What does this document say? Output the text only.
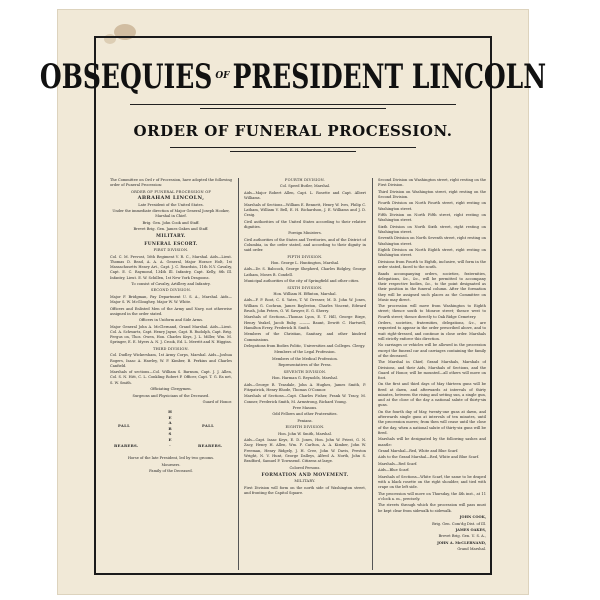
OBSEQUIES OF PRESIDENT LINCOLN
ORDER OF FUNERAL PROCESSION.

The Committee on Ord r of Procession, have adopted the following order of Funeral Procession:

ORDER OF FUNERAL PROCESSION OF

ABRAHAM LINCOLN,

Late President of the United States.

Under the immediate direction of Major General Joseph Hooker, Marshal in Chief.

Brig. Gen. John Cook and Staff.

Brevet Brig. Gen. James Oakes and Staff.

MILITARY.

FUNERAL ESCORT.

FIRST DIVISION.

Col. C. M. Prevost, 16th Regiment V. R. C., Marshal. Aids—Lieut. Thomas D. Bead, A. A. A. General, Major Horace Holt, 1st Massachusetts Heavy Art., Capt. J. C. Reardsin, 11th N.Y. Cavalry, Capt. E. C. Raymond, 134th Ill. Infantry, Capt. Kelly, 8th Ill. Infantry, Lieut. E. W. Schillen, 1st New York Dragoons.

To consist of Cavalry, Artillery and Infantry.

SECOND DIVISION.

Major F. Bridgman, Pay Department U. S. A., Marshal. Aids—Major S. W. McGloughey, Major W. W. White.

Officers and Enlisted Men of the Army and Navy, not otherwise assigned in the order stated.

Officers in Uniform and Side Arms.

Major General John A. McClernand, Grand Marshal. Aids—Lieut. Col. A. Schwartz, Capt. Henry Jayne, Capt. R. Rudolph, Capt. Brig. Fergus on, Thos. Owen, Hon. Charles Keys, J. L. Miller, Wm. M. Springer, E. E. Myers A. N. J. Crook, Ed. L. Merritt and N. Higgins.

THIRD DIVISION.

Col. Dudley Wickersham, 1st Army Corps, Marshal. Aids—Joshua Rogers, Isaac A. Hawley, W. F. Kimber, B. Perkins and Charles Canfield.

Marshals of sections—Col. William S. Barnum, Capt. J. J. Allen, Col. S. N. Hitt, C. L. Conkling Robert P. Officer, Capt. T. G. Ea net, S. W. Smith.

Officiating Clergymen.

Surgeons and Physicians of the Deceased.

Guard of Honor.

PALL
BEARERS.
PALL
BEARERS.
H
E
A
R
S
E
.

Horse of the late President, led by two grooms.

Mourners.

Family of the Deceased.

FOURTH DIVISION.

Col. Speed Butler, Marshal.

Aids—Major Robert Allen, Capt. L. Rosette and Capt. Albert Williams.

Marshals of Sections—William E. Bennett, Henry W. Ives, Philip C. Latham, William V. Bell, E. H. Richardson, J. E. Williams and J. D. Craig.

Civil authorities of the United States according to their relative dignities.

Foreign Ministers.

Civil authorities of the States and Territories, and of the District of Columbia, in the order stated, and according to their dignity in said order.

FIFTH DIVISION.

Hon. George L. Huntington, Marshal.

Aids—Dr. S. Babcock, George Shepherd, Charles Ridgley, George Latham, Moses B. Condell.

Municipal authorities of the city of Springfield and other cities.

SIXTH DIVISION.

Hon. William H. Effinton, Marshal.

Aids—F. P. Root, C. S. Yates, T. W. Dresser, M. D. John W. Jones, William G. Cochran, James Bayleston, Charles Vincent, Edward Brush, John Peters, O. W. Sawyer, E. G. Sherry.

Marshals of Sections—Thomas Lyon, E. T. Hill, George Birge, Henry Yeakel, Jacob Ruby, ——— Baunt, Dewitt C. Hartwell, Hamilton Every, Frederick B. Smith.

Members of the Christian, Sanitary, and other kindred Commissions.

Delegations from Bodies Politic, Universities and Colleges. Clergy.

Members of the Legal Profession.

Members of the Medical Profession.

Representatives of the Press.

SEVENTH DIVISION.

Hon. Harman G. Reynolds, Marshal.

Aids—George R. Teasdale, John A. Hughes, James Smith, P. Fitzpatrick, Henry Rhode, Thomas O'Connor.

Marshals of Sections—Capt. Charles Fisher, Frank W. Tracy, M. Conner, Frederick Smith, M. Armstrong, Richard Young.

Free Masons.

Odd Fellows and other Fraternities.

Fenians.

EIGHTH DIVISION.

Hon. John W. Smith, Marshal.

Aids—Capt. Isaac Keys, E. D. Jones, Hon. John W. Priest, G. N. Zacy, Henry H. Allen, Wm. F. Carlton, A. A. Kimber, John W. Freeman, Henry Ridgely, J. H. Cree, John W. Davis, Preston Wright, N. V. Hunt, George Dalleys, Alfred A. North, John S. Bradford, Samuel P. Townsend. Citizens at large.

Colored Persons.

FORMATION AND MOVEMENT.

MILITARY.

First Division will form on the north side of Washington street, and fronting the Capitol Square.

Second Division on Washington street, right resting on the First Division.

Third Division on Washington street, right resting on the Second Division.

Fourth Division on North Fourth street, right resting on Washington street.

Fifth Division on North Fifth street, right resting on Washington street.

Sixth Division on North Sixth street, right resting on Washington street.

Seventh Division on North Seventh street, right resting on Washington street.

Eighth Division on North Eighth street, right resting on Washington street.

Divisions from Fourth to Eighth, inclusive, will form in the order stated, faced to the south.

Bands accompanying orders, societies, fraternities, delegations, &c., &c., will be permitted to accompany their respective bodies, &c., to the point designated as their position in the funeral column. After the formation they will be assigned such places as the Committee on Music may direct.

The procession will move from Washington to Eighth street; thence south to Monroe street; thence west to Fourth street; thence directly to Oak Ridge Cemetery.

Orders, societies, fraternities, delegations, &c., are requested to appear in the order prescribed above, and to wait right-dressed, and continue in close order. Marshals will strictly enforce this direction.

No carriages or vehicles will be allowed in the procession except the funeral car and carriages containing the family of the deceased.

The Marshal in Chief, Grand Marshals, Marshals of Divisions, and their Aids, Marshals of Sections, and the Guard of Honor, will be mounted—all others will move on foot.

On the first and third days of May thirteen guns will be fired at dawn, and afterwards at intervals of thirty minutes, between the rising and setting sun, a single gun, and at the close of the day a national salute of thirty-six guns.

On the fourth day of May, twenty-one guns at dawn, and afterwards single guns at intervals of ten minutes, until the procession moves; from then will cease until the close of the day, when a national salute of thirty-six guns will be fired.

Marshals will be designated by the following sashes and mantle:

Grand Marshal—Red, White and Blue Scarf.

Aids to the Grand Marshal—Red, White and Blue Scarf.

Marshals—Red Scarf.

Aids—Blue Scarf.

Marshals of Sections—White Scarf, the same to be draped with a black rosette on the right shoulder, and tied with crape on the left side.

The procession will move on Thursday, the 4th inst., at 11 o'clock a. m., precisely.

The streets through which the procession will pass must be kept clear from sidewalk to sidewalk.

JOHN COOK,

Brig. Gen. Com'dg Dist. of Ill.

JAMES OAKES,

Brevet Brig. Gen. U. S. A.,

JOHN A. McCLERNAND,

Grand Marshal.
